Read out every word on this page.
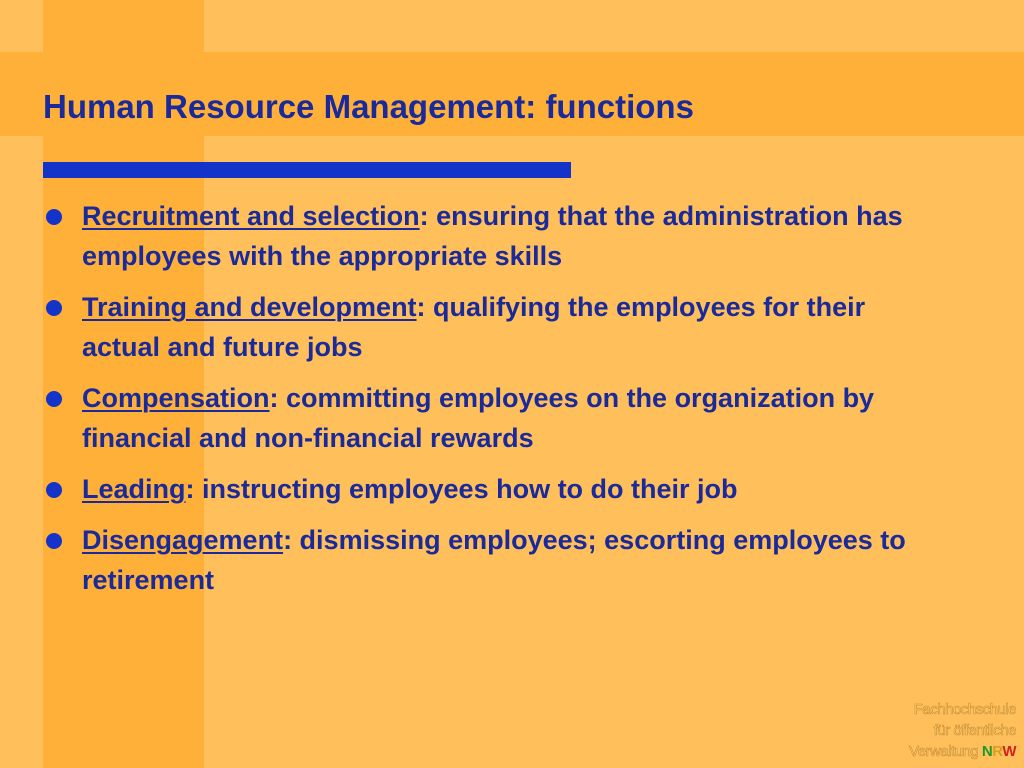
Human Resource Management: functions
Recruitment and selection: ensuring that the administration has employees with the appropriate skills
Training and development: qualifying the employees for their actual and future jobs
Compensation: committing employees on the organization by financial and non-financial rewards
Leading: instructing employees how to do their job
Disengagement: dismissing employees; escorting employees to retirement
Fachhochschule
für öffentliche
Verwaltung NRW
